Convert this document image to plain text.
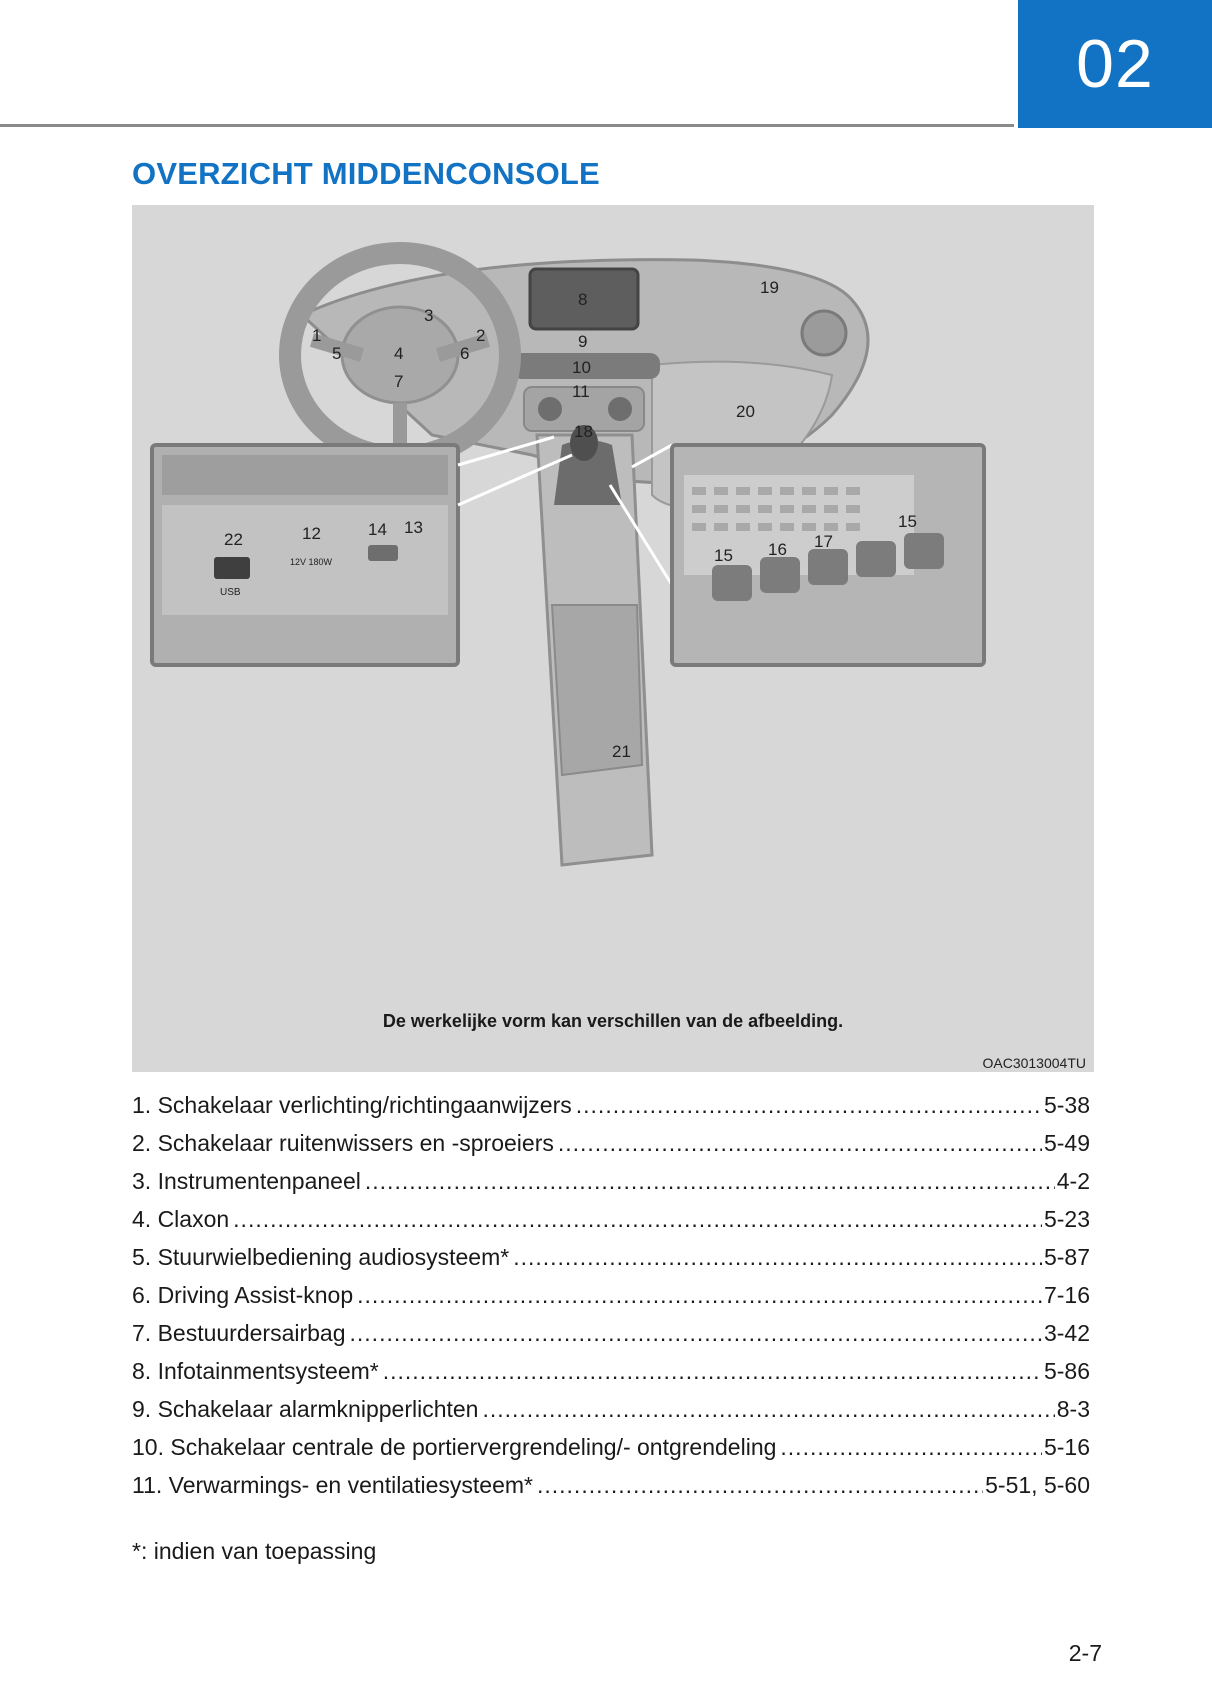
02
OVERZICHT MIDDENCONSOLE
USB
12V 180W
1	2
3
4
5	6
7
8
9
10
11
12	13
14
15
15
16 17
18
19
20
21
22
De werkelijke vorm kan verschillen van de afbeelding.
OAC3013004TU
1. Schakelaar verlichting/richtingaanwijzers .....	5-38
2. Schakelaar ruitenwissers en -sproeiers .....	5-49
3. Instrumentenpaneel .....	4-2
4. Claxon .....	5-23
5. Stuurwielbediening audiosysteem* .....	5-87
6. Driving Assist-knop .....	7-16
7. Bestuurdersairbag .....	3-42
8. Infotainmentsysteem* .....	5-86
9. Schakelaar alarmknipperlichten .....	8-3
10. Schakelaar centrale de portiervergrendeling/- ontgrendeling .....	5-16
11. Verwarmings- en ventilatiesysteem* .....	5-51, 5-60
*: indien van toepassing
2-7
